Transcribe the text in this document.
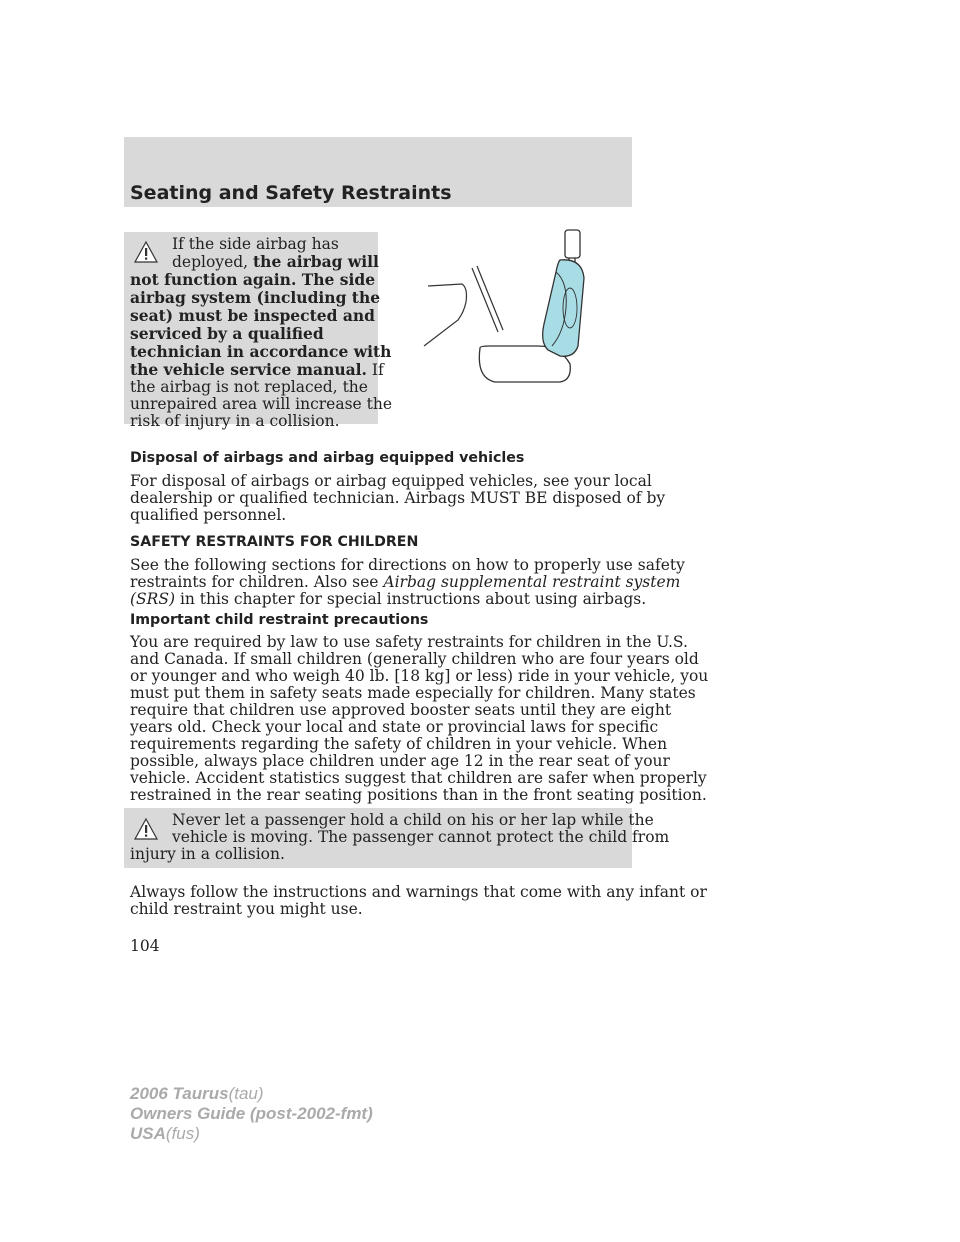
Seating and Safety Restraints
If the side airbag has
deployed, the airbag will
not function again. The side
airbag system (including the
seat) must be inspected and
serviced by a qualified
technician in accordance with
the vehicle service manual. If
the airbag is not replaced, the
unrepaired area will increase the
risk of injury in a collision.
Disposal of airbags and airbag equipped vehicles
For disposal of airbags or airbag equipped vehicles, see your local
dealership or qualified technician. Airbags MUST BE disposed of by
qualified personnel.
SAFETY RESTRAINTS FOR CHILDREN
See the following sections for directions on how to properly use safety
restraints for children. Also see Airbag supplemental restraint system
(SRS) in this chapter for special instructions about using airbags.
Important child restraint precautions
You are required by law to use safety restraints for children in the U.S.
and Canada. If small children (generally children who are four years old
or younger and who weigh 40 lb. [18 kg] or less) ride in your vehicle, you
must put them in safety seats made especially for children. Many states
require that children use approved booster seats until they are eight
years old. Check your local and state or provincial laws for specific
requirements regarding the safety of children in your vehicle. When
possible, always place children under age 12 in the rear seat of your
vehicle. Accident statistics suggest that children are safer when properly
restrained in the rear seating positions than in the front seating position.
Never let a passenger hold a child on his or her lap while the
vehicle is moving. The passenger cannot protect the child from
injury in a collision.
Always follow the instructions and warnings that come with any infant or
child restraint you might use.
104
2006 Taurus(tau)
Owners Guide (post-2002-fmt)
USA(fus)
